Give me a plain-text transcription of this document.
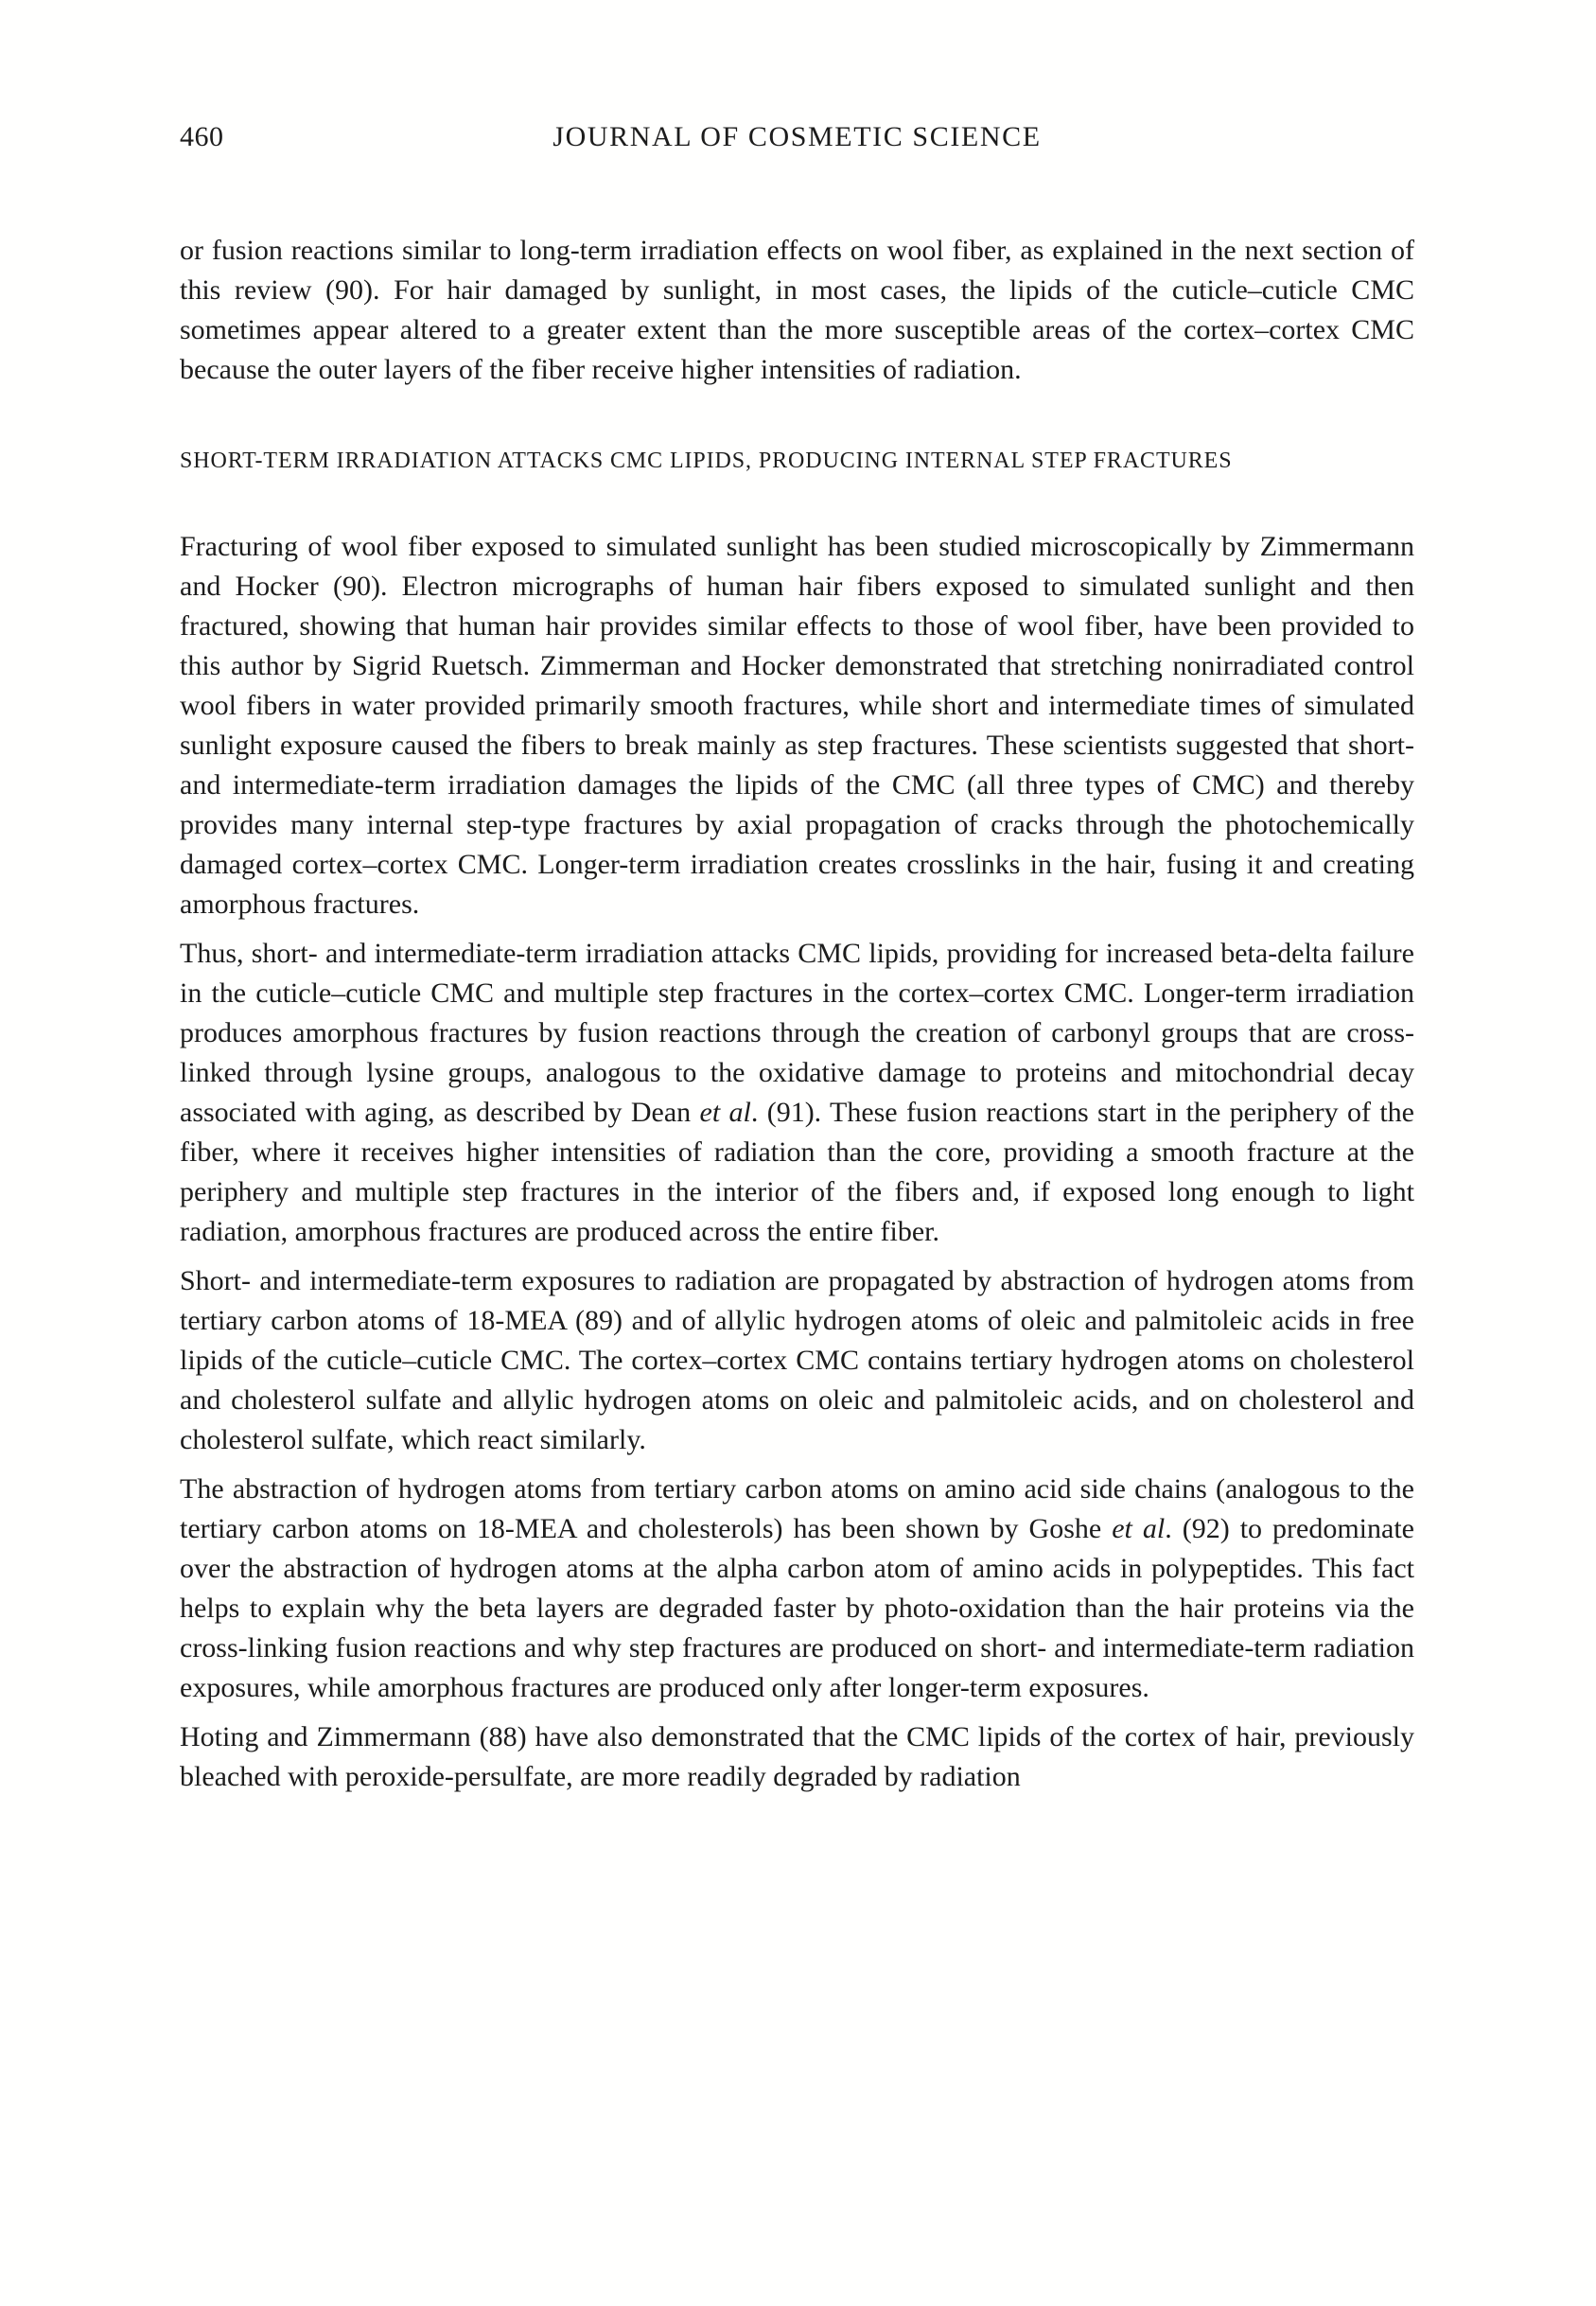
460	JOURNAL OF COSMETIC SCIENCE

or fusion reactions similar to long-term irradiation effects on wool fiber, as explained in the next section of this review (90). For hair damaged by sunlight, in most cases, the lipids of the cuticle–cuticle CMC sometimes appear altered to a greater extent than the more susceptible areas of the cortex–cortex CMC because the outer layers of the fiber receive higher intensities of radiation.

SHORT-TERM IRRADIATION ATTACKS CMC LIPIDS, PRODUCING INTERNAL STEP FRACTURES

Fracturing of wool fiber exposed to simulated sunlight has been studied microscopically by Zimmermann and Hocker (90). Electron micrographs of human hair fibers exposed to simulated sunlight and then fractured, showing that human hair provides similar effects to those of wool fiber, have been provided to this author by Sigrid Ruetsch. Zimmerman and Hocker demonstrated that stretching nonirradiated control wool fibers in water provided primarily smooth fractures, while short and intermediate times of simulated sunlight exposure caused the fibers to break mainly as step fractures. These scientists suggested that short- and intermediate-term irradiation damages the lipids of the CMC (all three types of CMC) and thereby provides many internal step-type fractures by axial propagation of cracks through the photochemically damaged cortex–cortex CMC. Longer-term irradiation creates crosslinks in the hair, fusing it and creating amorphous fractures.

Thus, short- and intermediate-term irradiation attacks CMC lipids, providing for increased beta-delta failure in the cuticle–cuticle CMC and multiple step fractures in the cortex–cortex CMC. Longer-term irradiation produces amorphous fractures by fusion reactions through the creation of carbonyl groups that are cross-linked through lysine groups, analogous to the oxidative damage to proteins and mitochondrial decay associated with aging, as described by Dean et al. (91). These fusion reactions start in the periphery of the fiber, where it receives higher intensities of radiation than the core, providing a smooth fracture at the periphery and multiple step fractures in the interior of the fibers and, if exposed long enough to light radiation, amorphous fractures are produced across the entire fiber.

Short- and intermediate-term exposures to radiation are propagated by abstraction of hydrogen atoms from tertiary carbon atoms of 18-MEA (89) and of allylic hydrogen atoms of oleic and palmitoleic acids in free lipids of the cuticle–cuticle CMC. The cortex–cortex CMC contains tertiary hydrogen atoms on cholesterol and cholesterol sulfate and allylic hydrogen atoms on oleic and palmitoleic acids, and on cholesterol and cholesterol sulfate, which react similarly.

The abstraction of hydrogen atoms from tertiary carbon atoms on amino acid side chains (analogous to the tertiary carbon atoms on 18-MEA and cholesterols) has been shown by Goshe et al. (92) to predominate over the abstraction of hydrogen atoms at the alpha carbon atom of amino acids in polypeptides. This fact helps to explain why the beta layers are degraded faster by photo-oxidation than the hair proteins via the cross-linking fusion reactions and why step fractures are produced on short- and intermediate-term radiation exposures, while amorphous fractures are produced only after longer-term exposures.

Hoting and Zimmermann (88) have also demonstrated that the CMC lipids of the cortex of hair, previously bleached with peroxide-persulfate, are more readily degraded by radiation
